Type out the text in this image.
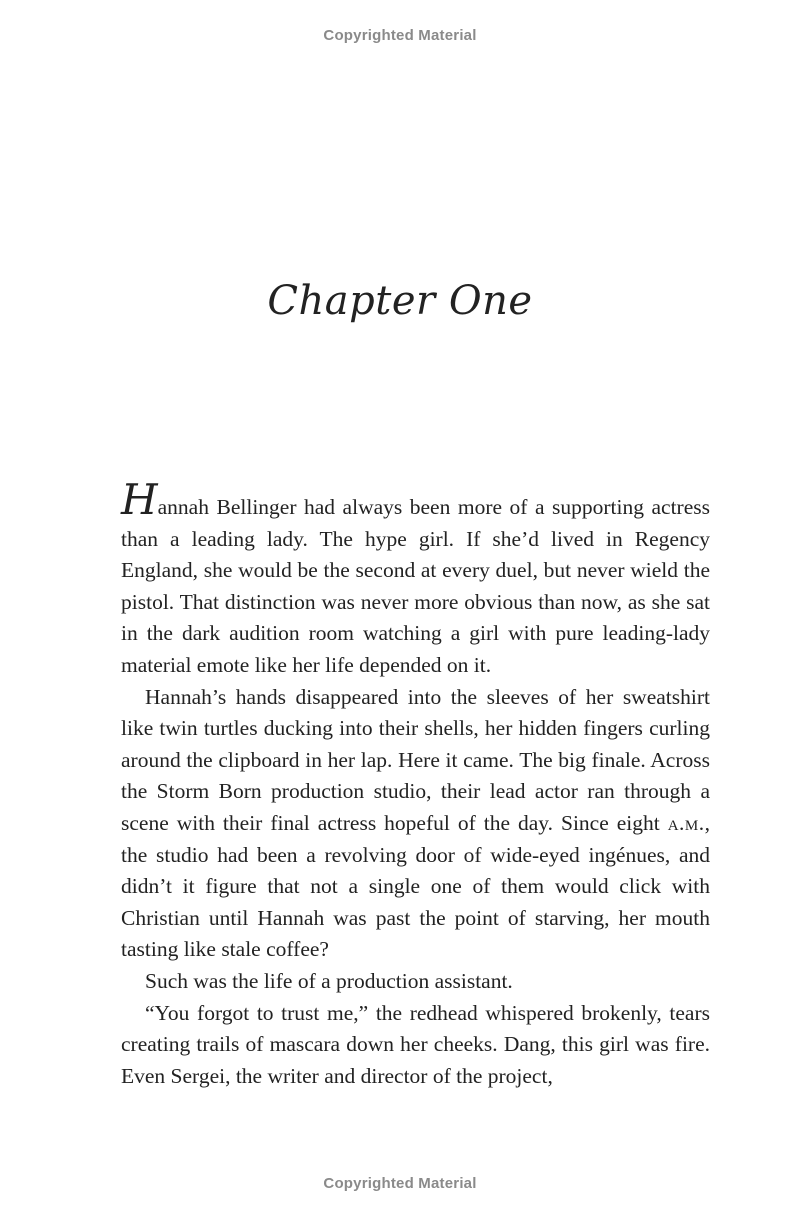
Copyrighted Material
Chapter One

Hannah Bellinger had always been more of a supporting actress than a leading lady. The hype girl. If she’d lived in Regency England, she would be the second at every duel, but never wield the pistol. That distinction was never more obvious than now, as she sat in the dark audition room watching a girl with pure leading-lady material emote like her life depended on it.

Hannah’s hands disappeared into the sleeves of her sweatshirt like twin turtles ducking into their shells, her hidden fingers curling around the clipboard in her lap. Here it came. The big finale. Across the Storm Born production studio, their lead actor ran through a scene with their final actress hopeful of the day. Since eight a.m., the studio had been a revolving door of wide-eyed ingénues, and didn’t it figure that not a single one of them would click with Christian until Hannah was past the point of starving, her mouth tasting like stale coffee?

Such was the life of a production assistant.

“You forgot to trust me,” the redhead whispered brokenly, tears creating trails of mascara down her cheeks. Dang, this girl was fire. Even Sergei, the writer and director of the project,

Copyrighted Material
